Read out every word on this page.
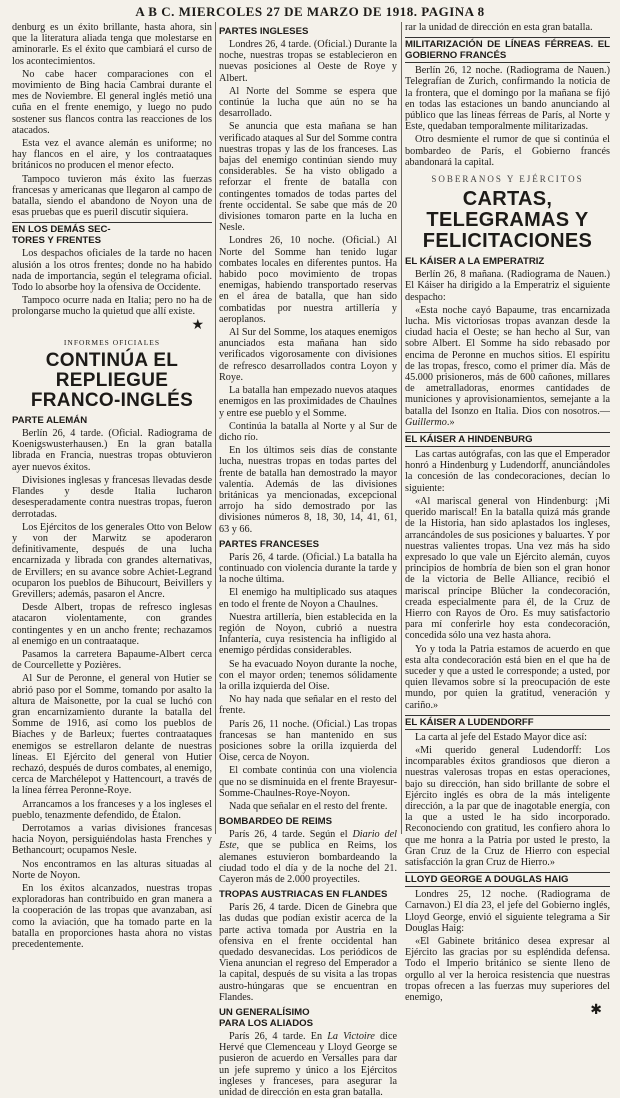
A B C. MIERCOLES 27 DE MARZO DE 1918. PAGINA 8

denburg es un éxito brillante, hasta ahora, sin que la literatura aliada tenga que molestarse en aminorarle. Es el éxito que cambiará el curso de los acontecimientos.

No cabe hacer comparaciones con el movimiento de Bing hacia Cambrai durante el mes de Noviembre. El general inglés metió una cuña en el frente enemigo, y luego no pudo sostener sus flancos contra las reacciones de los atacados.

Esta vez el avance alemán es uniforme; no hay flancos en el aire, y los contraataques británicos no producen el menor efecto.

Tampoco tuvieron más éxito las fuerzas francesas y americanas que llegaron al campo de batalla, siendo el abandono de Noyon una de esas pruebas que es pueril discutir siquiera.

EN LOS DEMÁS SEC-
TORES Y FRENTES

Los despachos oficiales de la tarde no hacen alusión a los otros frentes; donde no ha habido nada de importancia, según el telegrama oficial. Todo lo absorbe hoy la ofensiva de Occidente.

Tampoco ocurre nada en Italia; pero no ha de prolongarse mucho la quietud que allí existe.

★
INFORMES OFICIALES
CONTINÚA EL REPLIEGUE FRANCO-INGLÉS
PARTE ALEMÁN

Berlín 26, 4 tarde. (Oficial. Radiograma de Koenigswusterhausen.) En la gran batalla librada en Francia, nuestras tropas obtuvieron ayer nuevos éxitos.

Divisiones inglesas y francesas llevadas desde Flandes y desde Italia lucharon desesperadamente contra nuestras tropas, fueron derrotadas.

Los Ejércitos de los generales Otto von Below y von der Marwitz se apoderaron definitivamente, después de una lucha encarnizada y librada con grandes alternativas, de Ervillers; en su avance sobre Achiet-Legrand ocuparon los pueblos de Bihucourt, Beivillers y Grevillers; además, pasaron el Ancre.

Desde Albert, tropas de refresco inglesas atacaron violentamente, con grandes contingentes y en un ancho frente; rechazamos al enemigo en un contraataque.

Pasamos la carretera Bapaume-Albert cerca de Courcellette y Pozières.

Al Sur de Peronne, el general von Hutier se abrió paso por el Somme, tomando por asalto la altura de Maisonette, por la cual se luchó con gran encarnizamiento durante la batalla del Somme de 1916, así como los pueblos de Biaches y de Barleux; fuertes contraataques enemigos se estrellaron delante de nuestras líneas. El Ejército del general von Hutier rechazó, después de duros combates, al enemigo, cerca de Marchélepot y Hattencourt, a través de la línea férrea Peronne-Roye.

Arrancamos a los franceses y a los ingleses el pueblo, tenazmente defendido, de Étalon.

Derrotamos a varias divisiones francesas hacia Noyon, persiguiéndolas hasta Frenches y Bethancourt; ocupamos Nesle.

Nos encontramos en las alturas situadas al Norte de Noyon.

En los éxitos alcanzados, nuestras tropas exploradoras han contribuido en gran manera a la cooperación de las tropas que avanzaban, así como la aviación, que ha tomado parte en la batalla en proporciones hasta ahora no vistas precedentemente.

PARTES INGLESES

Londres 26, 4 tarde. (Oficial.) Durante la noche, nuestras tropas se establecieron en nuevas posiciones al Oeste de Roye y Albert.

Al Norte del Somme se espera que continúe la lucha que aún no se ha desarrollado.

Se anuncia que esta mañana se han verificado ataques al Sur del Somme contra nuestras tropas y las de los franceses. Las bajas del enemigo continúan siendo muy considerables. Se ha visto obligado a reforzar el frente de batalla con contingentes tomados de todas partes del frente occidental. Se sabe que más de 20 divisiones tomaron parte en la lucha en Nesle.

Londres 26, 10 noche. (Oficial.) Al Norte del Somme han tenido lugar combates locales en diferentes puntos. Ha habido poco movimiento de tropas enemigas, habiendo transportado reservas en el área de batalla, que han sido combatidas por nuestra artillería y aeroplanos.

Al Sur del Somme, los ataques enemigos anunciados esta mañana han sido verificados vigorosamente con divisiones de refresco desarrollados contra Loyon y Roye.

La batalla han empezado nuevos ataques enemigos en las proximidades de Chaulnes y entre ese pueblo y el Somme.

Continúa la batalla al Norte y al Sur de dicho río.

En los últimos seis días de constante lucha, nuestras tropas en todas partes del frente de batalla han demostrado la mayor valentía. Además de las divisiones británicas ya mencionadas, excepcional arrojo ha sido demostrado por las divisiones números 8, 18, 30, 14, 41, 61, 63 y 66.

PARTES FRANCESES

París 26, 4 tarde. (Oficial.) La batalla ha continuado con violencia durante la tarde y la noche última.

El enemigo ha multiplicado sus ataques en todo el frente de Noyon a Chaulnes.

Nuestra artillería, bien establecida en la región de Noyon, cubrió a nuestra Infantería, cuya resistencia ha infligido al enemigo pérdidas considerables.

Se ha evacuado Noyon durante la noche, con el mayor orden; tenemos sólidamente la orilla izquierda del Oise.

No hay nada que señalar en el resto del frente.

París 26, 11 noche. (Oficial.) Las tropas francesas se han mantenido en sus posiciones sobre la orilla izquierda del Oise, cerca de Noyon.

El combate continúa con una violencia que no se disminuida en el frente Brayesur-Somme-Chaulnes-Roye-Noyon.

Nada que señalar en el resto del frente.

BOMBARDEO DE REIMS

París 26, 4 tarde. Según el Diario del Este, que se publica en Reims, los alemanes estuvieron bombardeando la ciudad todo el día y de la noche del 21. Cayeron más de 2.000 proyectiles.

TROPAS AUSTRIACAS EN FLANDES

París 26, 4 tarde. Dicen de Ginebra que las dudas que podían existir acerca de la parte activa tomada por Austria en la ofensiva en el frente occidental han quedado desvanecidas. Los periódicos de Viena anuncian el regreso del Emperador a la capital, después de su visita a las tropas austro-húngaras que se encuentran en Flandes.

UN GENERALÍSIMO
PARA LOS ALIADOS

París 26, 4 tarde. En La Victoire dice Hervé que Clemenceau y Lloyd George se pusieron de acuerdo en Versalles para dar un jefe supremo y único a los Ejércitos ingleses y franceses, para asegurar la unidad de dirección en esta gran batalla.

rar la unidad de dirección en esta gran batalla.

MILITARIZACIÓN DE LÍNEAS FÉRREAS. EL GOBIERNO FRANCÉS

Berlín 26, 12 noche. (Radiograma de Nauen.) Telegrafían de Zurich, confirmando la noticia de la frontera, que el domingo por la mañana se fijó en todas las estaciones un bando anunciando al público que las líneas férreas de París, al Norte y Este, quedaban temporalmente militarizadas.

Otro desmiente el rumor de que si continúa el bombardeo de París, el Gobierno francés abandonará la capital.

SOBERANOS Y EJÉRCITOS
CARTAS, TELEGRAMAS Y FELICITACIONES
EL KÁISER A LA EMPERATRIZ

Berlín 26, 8 mañana. (Radiograma de Nauen.) El Káiser ha dirigido a la Emperatriz el siguiente despacho:

«Esta noche cayó Bapaume, tras encarnizada lucha. Mis victoriosas tropas avanzan desde la ciudad hacia el Oeste; se han hecho al Sur, van sobre Albert. El Somme ha sido rebasado por encima de Peronne en muchos sitios. El espíritu de las tropas, fresco, como el primer día. Más de 45.000 prisioneros, más de 600 cañones, millares de ametralladoras, enormes cantidades de municiones y aprovisionamientos, semejante a la batalla del Isonzo en Italia. Dios con nosotros.—Guillermo.»

EL KÁISER A HINDENBURG

Las cartas autógrafas, con las que el Emperador honró a Hindenburg y Ludendorff, anunciándoles la concesión de las condecoraciones, decían lo siguiente:

«Al mariscal general von Hindenburg: ¡Mi querido mariscal! En la batalla quizá más grande de la Historia, han sido aplastados los ingleses, arrancándoles de sus posiciones y baluartes. Y por nuestras valientes tropas. Una vez más ha sido expresado lo que vale un Ejército alemán, cuyos principios de hombría de bien son el gran honor de la victoria de Belle Alliance, recibió el mariscal príncipe Blücher la condecoración, creada especialmente para él, de la Cruz de Hierro con Rayos de Oro. Es muy satisfactorio para mí conferirle hoy esta condecoración, concedida sólo una vez hasta ahora.

Yo y toda la Patria estamos de acuerdo en que esta alta condecoración está bien en el que ha de suceder y que a usted le corresponde; a usted, por quien llevamos sobre sí la preocupación de este mundo, por quien la gratitud, veneración y cariño.»

EL KÁISER A LUDENDORFF

La carta al jefe del Estado Mayor dice así:

«Mi querido general Ludendorff: Los incomparables éxitos grandiosos que dieron a nuestras valerosas tropas en estas operaciones, bajo su dirección, han sido brillante de sobre el Ejército inglés es obra de la más inteligente dirección, a la par que de inagotable energía, con la que a usted le ha sido incorporado. Reconociendo con gratitud, les confiero ahora lo que me honra a la Patria por usted le presto, la Gran Cruz de la Cruz de Hierro con especial satisfacción la gran Cruz de Hierro.»

LLOYD GEORGE A DOUGLAS HAIG

Londres 25, 12 noche. (Radiograma de Carnavon.) El día 23, el jefe del Gobierno inglés, Lloyd George, envió el siguiente telegrama a Sir Douglas Haig:

«El Gabinete británico desea expresar al Ejército las gracias por su espléndida defensa. Todo el Imperio británico se siente lleno de orgullo al ver la heroica resistencia que nuestras tropas ofrecen a las fuerzas muy superiores del enemigo,

✱
